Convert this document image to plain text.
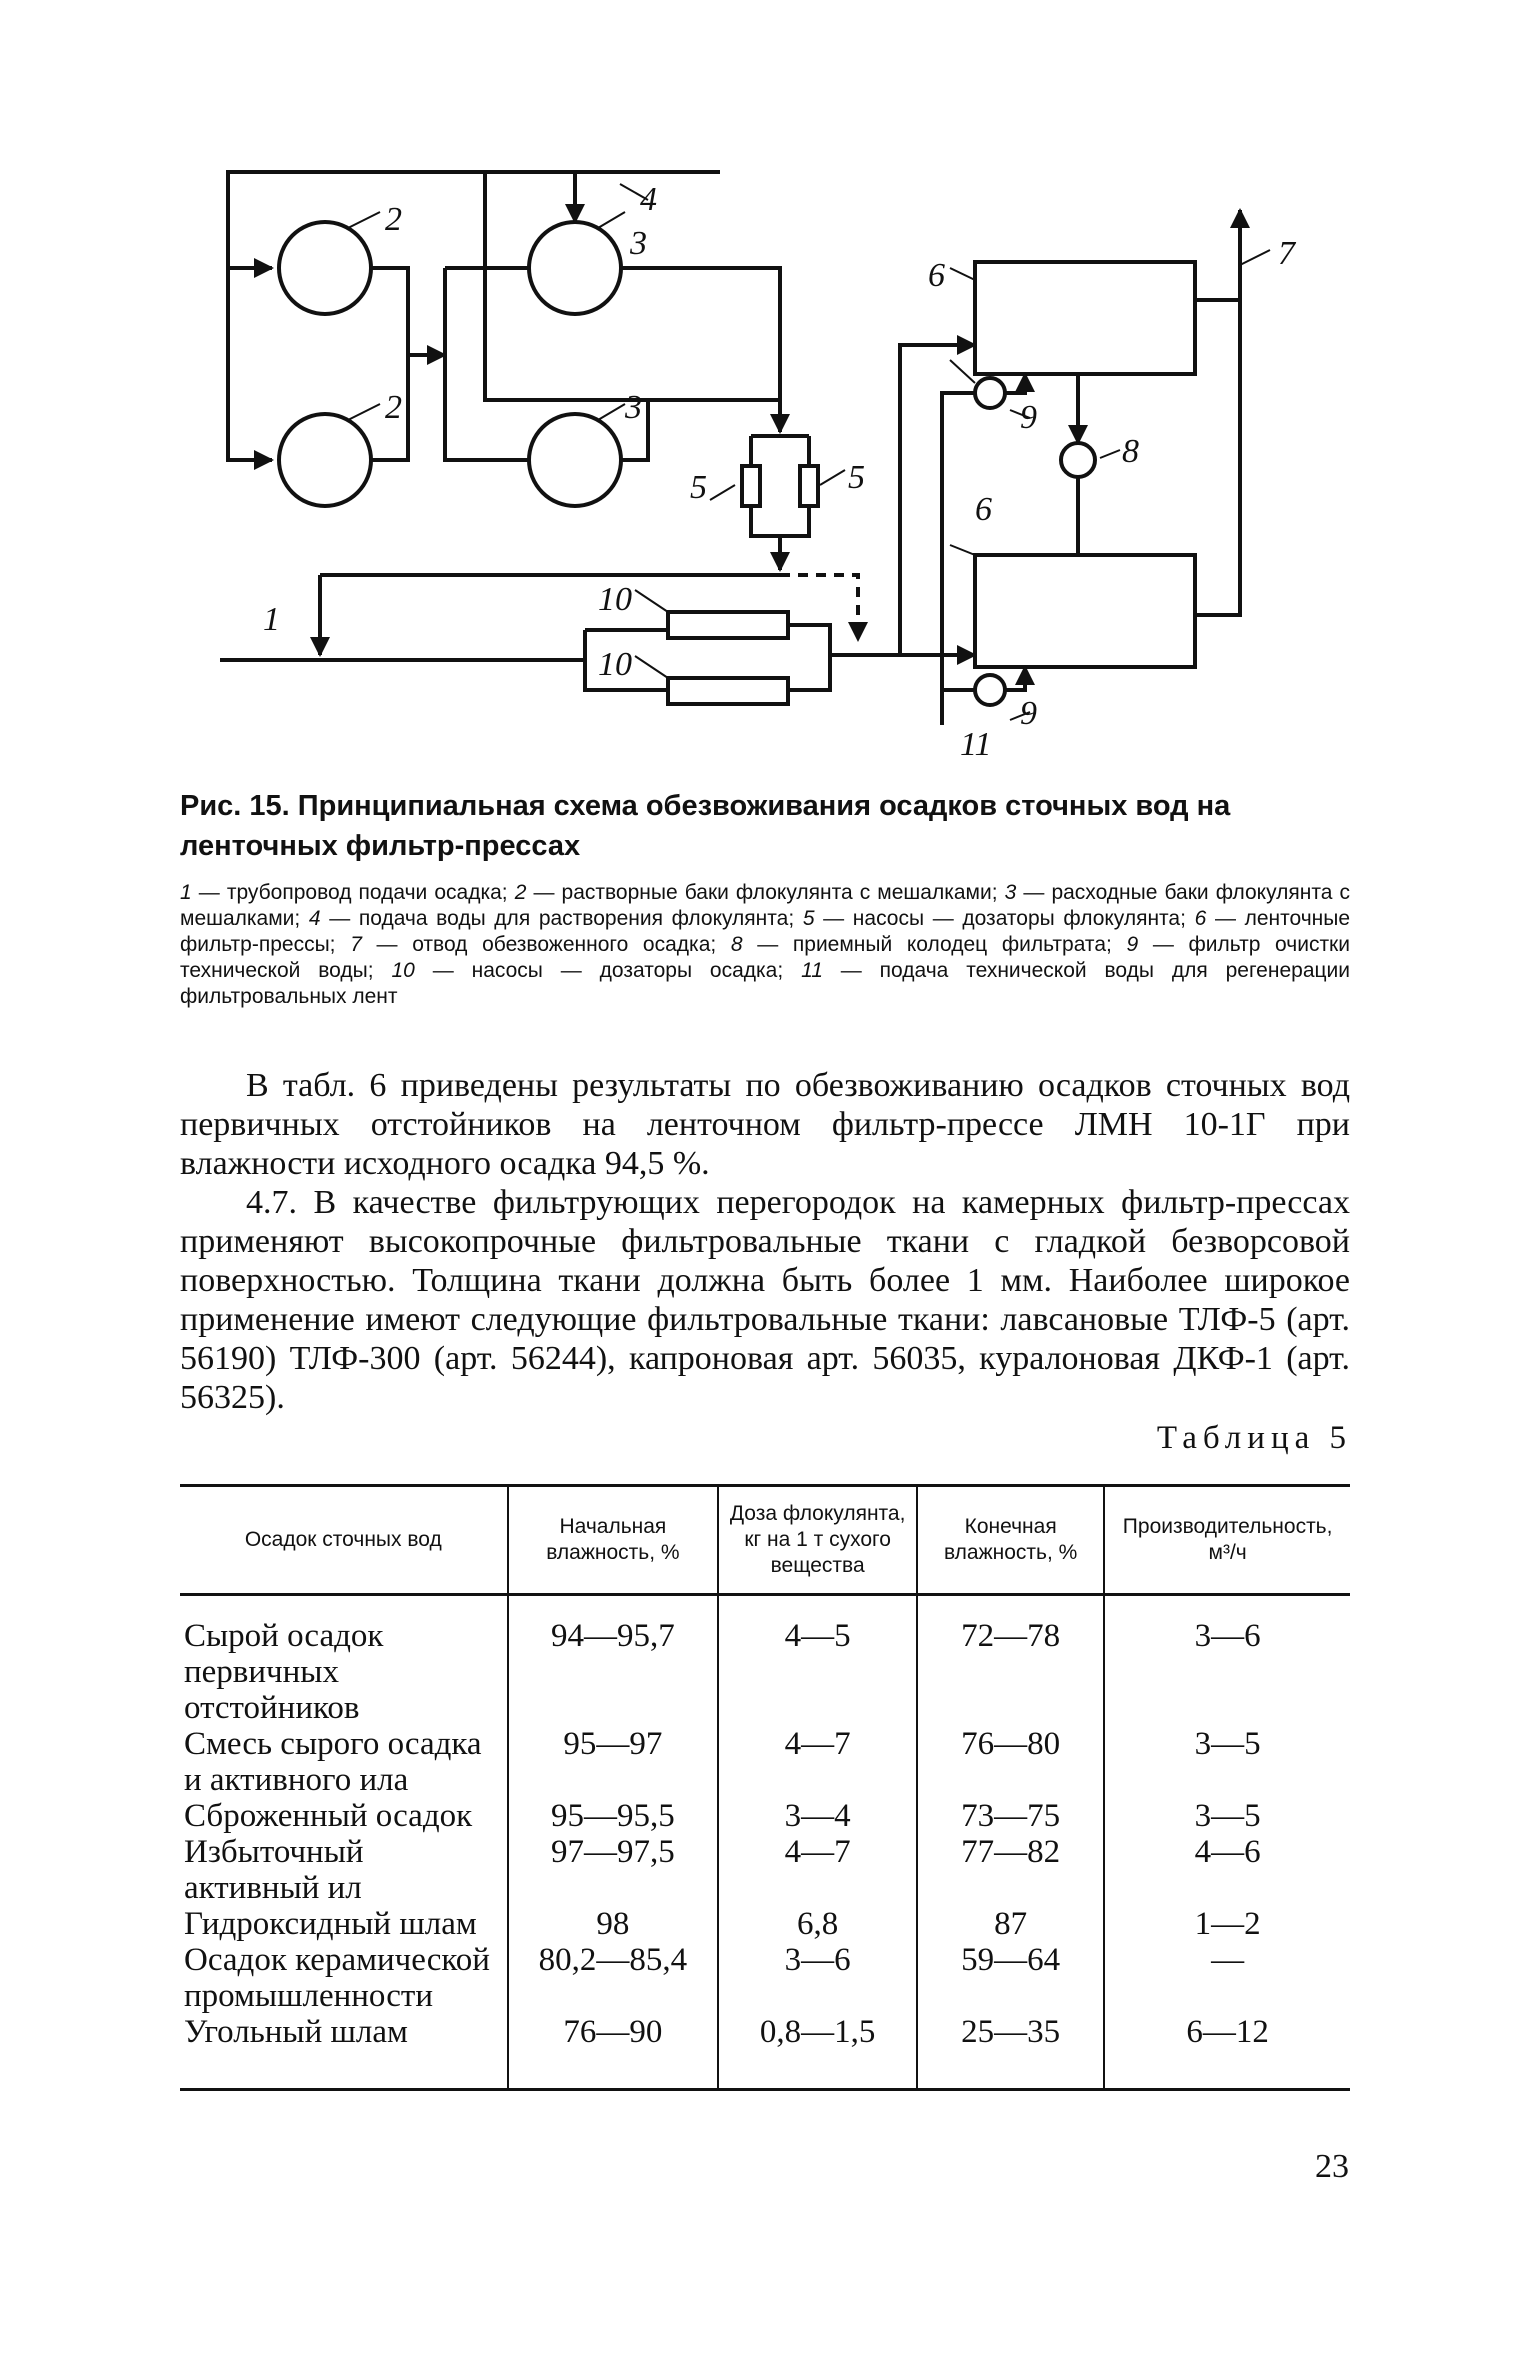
1
2
2
3
3
4
5	5
6
6
7
8
9
9
10
10
11
Рис. 15. Принципиальная схема обезвоживания осадков сточных вод на ленточных фильтр-прессах
1 — трубопровод подачи осадка; 2 — растворные баки флокулянта с мешалками; 3 — расходные баки флокулянта с мешалками; 4 — подача воды для растворения флокулянта; 5 — насосы — дозаторы флокулянта; 6 — ленточные фильтр-прессы; 7 — отвод обезвоженного осадка; 8 — приемный колодец фильтрата; 9 — фильтр очистки технической воды; 10 — насосы — дозаторы осадка; 11 — подача технической воды для регенерации фильтровальных лент
В табл. 6 приведены результаты по обезвоживанию осадков сточных вод первичных отстойников на ленточном фильтр-прессе ЛМН 10-1Г при влажности исходного осадка 94,5 %.
4.7. В качестве фильтрующих перегородок на камерных фильтр-прессах применяют высокопрочные фильтровальные ткани с гладкой безворсовой поверхностью. Толщина ткани должна быть более 1 мм. Наиболее широкое применение имеют следующие фильтровальные ткани: лавсановые ТЛФ-5 (арт. 56190) ТЛФ-300 (арт. 56244), капроновая арт. 56035, куралоновая ДКФ-1 (арт. 56325).
Таблица 5
Осадок сточных вод	Начальная влажность, %	Доза флокулянта, кг на 1 т сухого вещества	Конечная влажность, %	Производительность, м³/ч
Сырой осадок первичных отстойников	94—95,7	4—5	72—78	3—6
Смесь сырого осадка и активного ила	95—97	4—7	76—80	3—5
Сброженный осадок	95—95,5	3—4	73—75	3—5
Избыточный активный ил	97—97,5	4—7	77—82	4—6
Гидроксидный шлам	98	6,8	87	1—2
Осадок керамической промышленности	80,2—85,4	3—6	59—64	—
Угольный шлам	76—90	0,8—1,5	25—35	6—12
23
